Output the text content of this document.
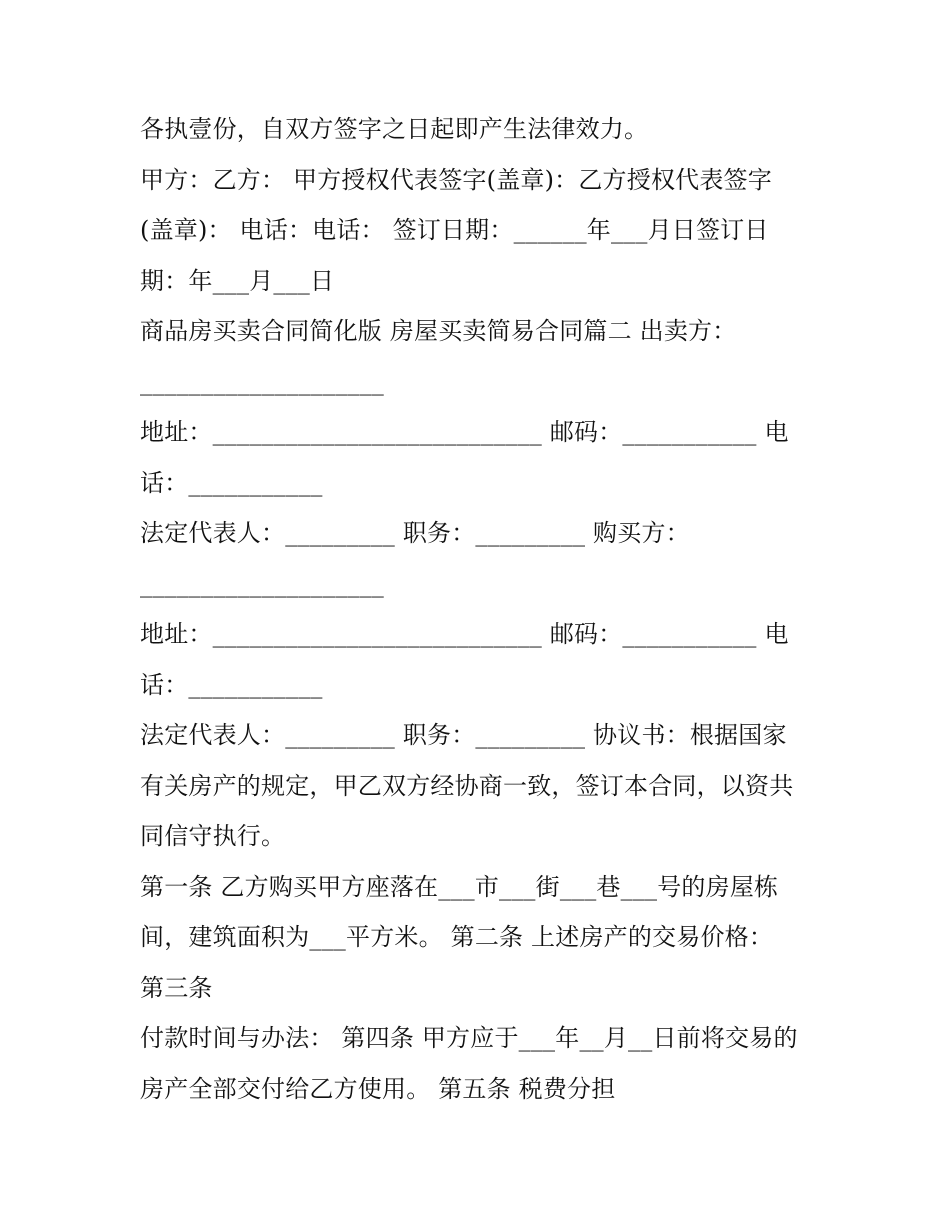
各执壹份，自双方签字之日起即产生法律效力。
甲方：乙方： 甲方授权代表签字(盖章)：乙方授权代表签字
(盖章)： 电话：电话： 签订日期：______年___月日签订日
期：年___月___日
商品房买卖合同简化版 房屋买卖简易合同篇二 出卖方：
____________________
地址：___________________________ 邮码：___________ 电
话：___________
法定代表人：_________ 职务：_________ 购买方：
____________________
地址：___________________________ 邮码：___________ 电
话：___________
法定代表人：_________ 职务：_________ 协议书：根据国家
有关房产的规定，甲乙双方经协商一致，签订本合同，以资共
同信守执行。
第一条 乙方购买甲方座落在___市___街___巷___号的房屋栋
间，建筑面积为___平方米。 第二条 上述房产的交易价格：
第三条
付款时间与办法： 第四条 甲方应于___年__月__日前将交易的
房产全部交付给乙方使用。 第五条 税费分担
